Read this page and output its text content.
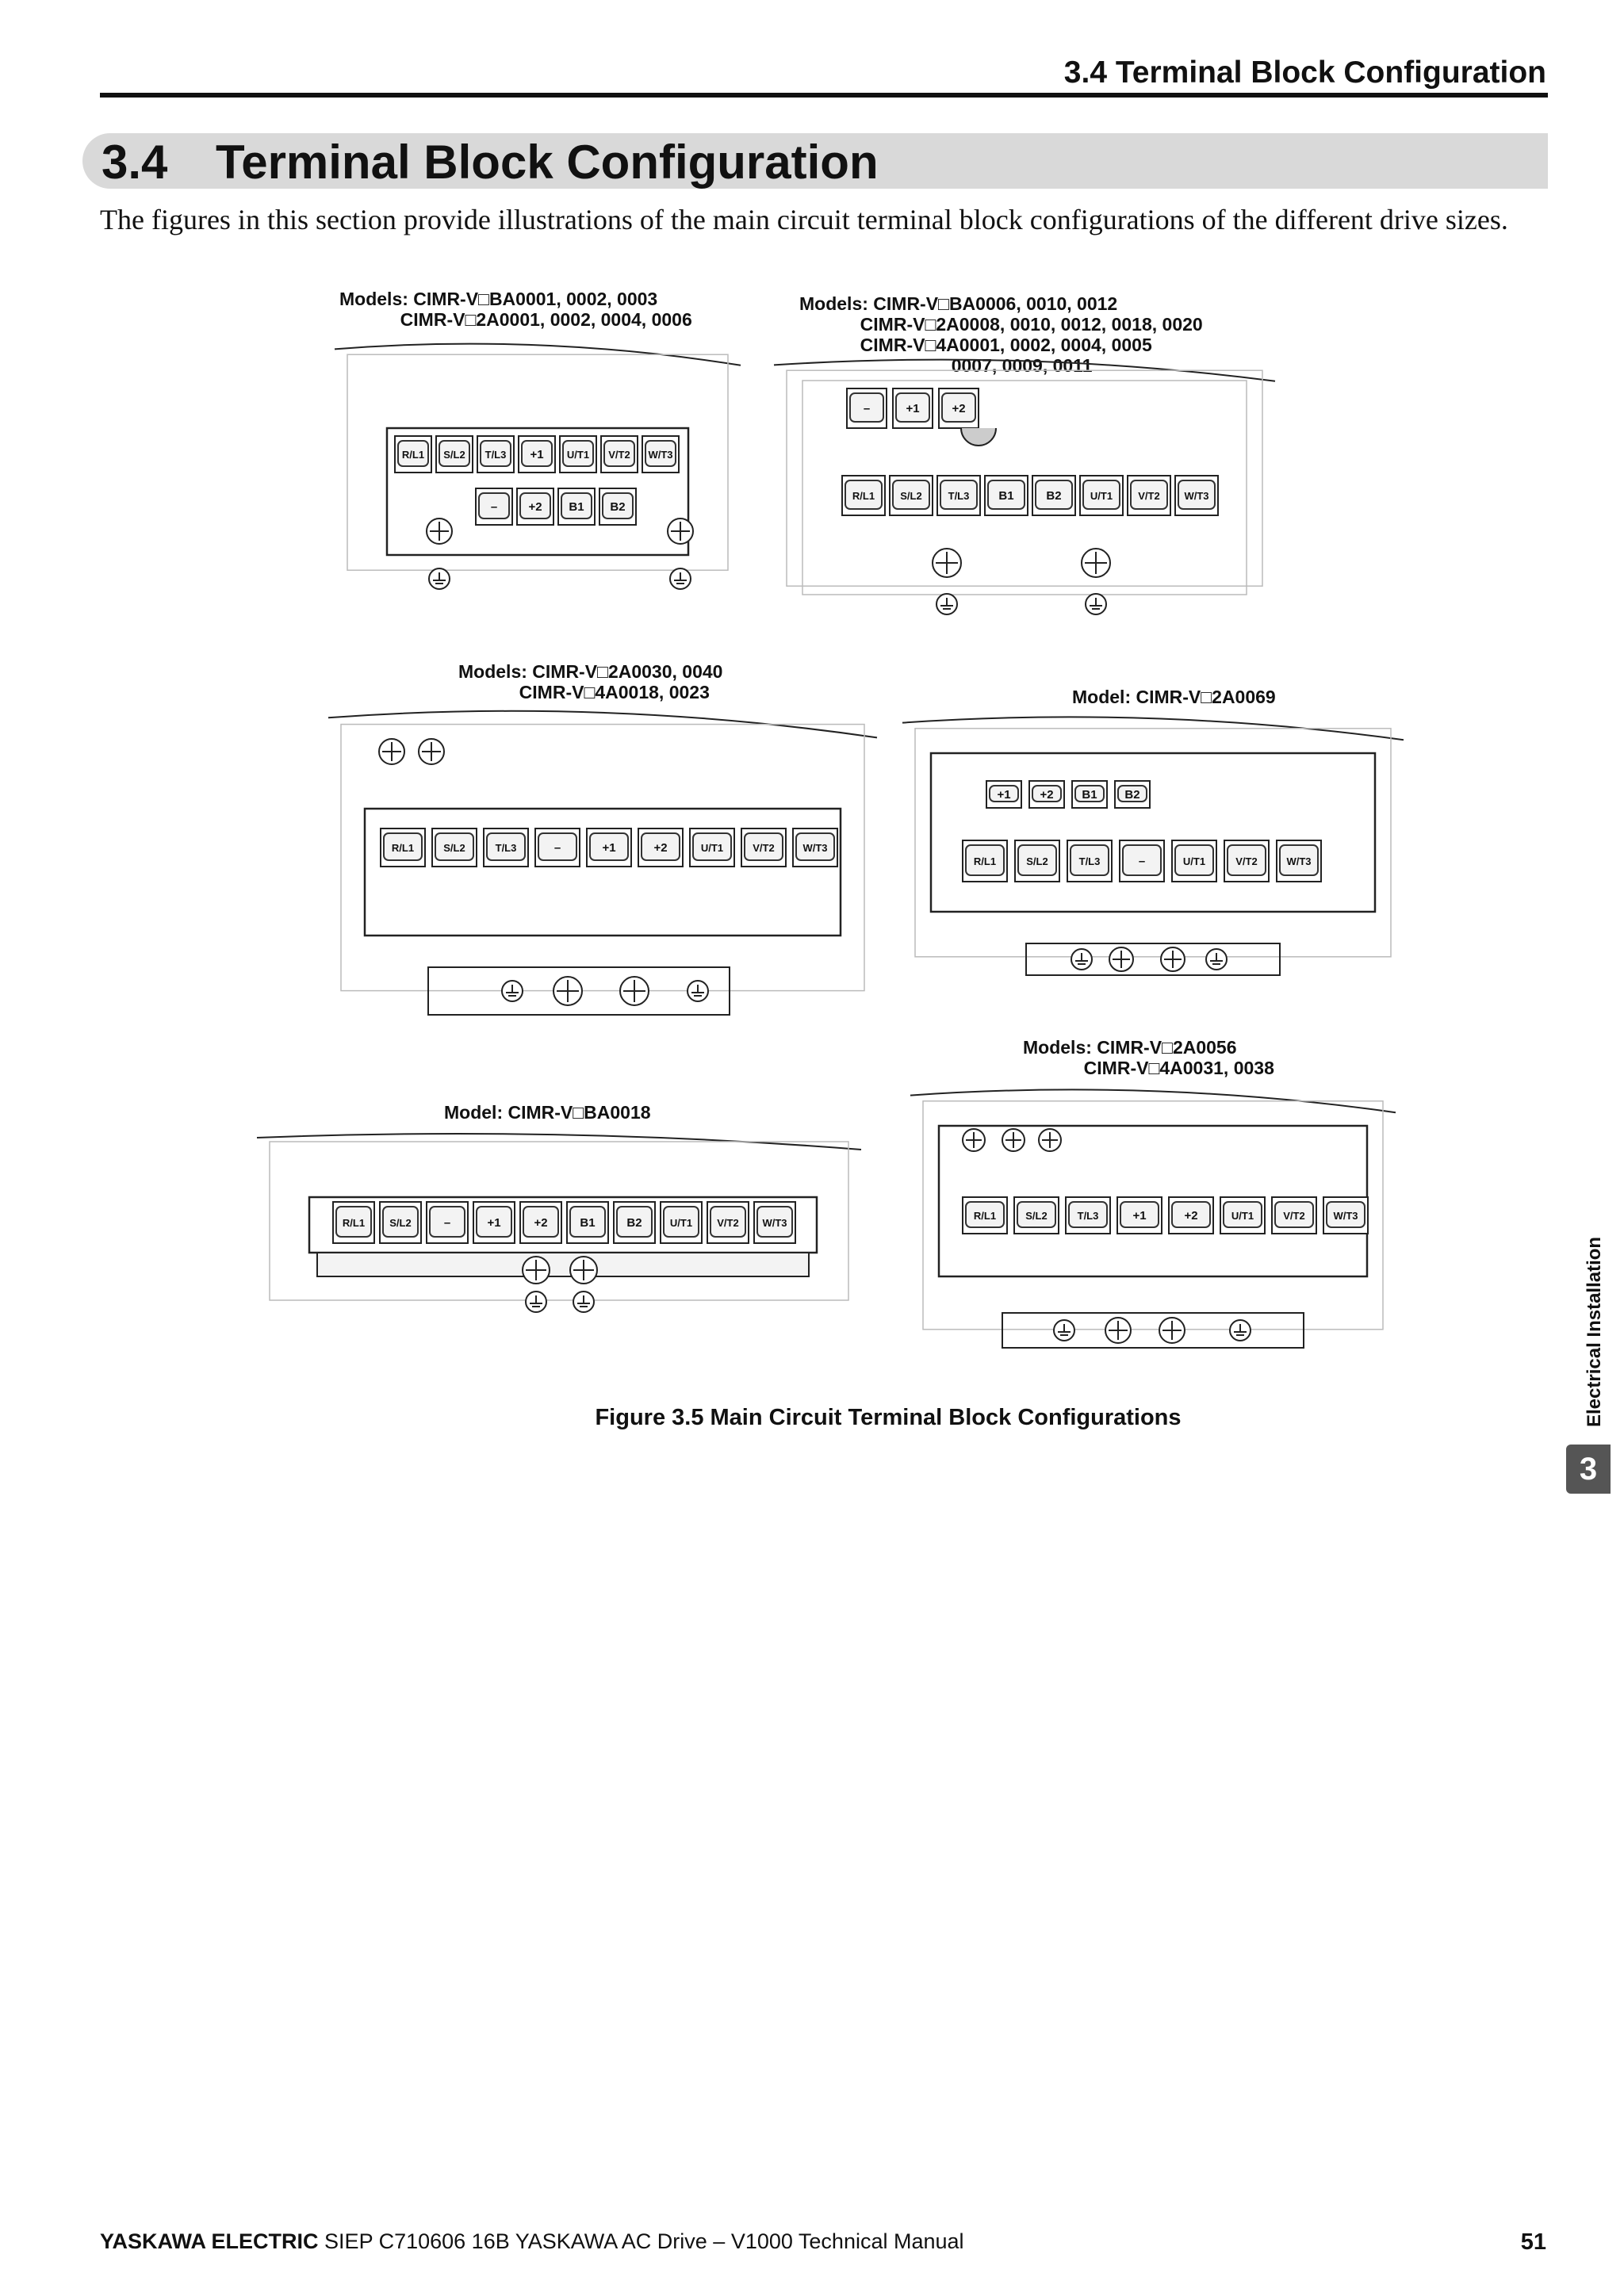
3.4 Terminal Block Configuration
3.4 Terminal Block Configuration
The figures in this section provide illustrations of the main circuit terminal block configurations of the different drive sizes.
Models: CIMR-V□BA0001, 0002, 0003
CIMR-V□2A0001, 0002, 0004, 0006
R/L1 S/L2 T/L3 +1 U/T1 V/T2 W/T3
–	+2 B1 B2
Models: CIMR-V□BA0006, 0010, 0012
CIMR-V□2A0008, 0010, 0012, 0018, 0020
CIMR-V□4A0001, 0002, 0004, 0005
0007, 0009, 0011
–	+1	+2
R/L1 S/L2	T/L3 B1	B2	U/T1 V/T2 W/T3
Models: CIMR-V□2A0030, 0040
CIMR-V□4A0018, 0023
R/L1	S/L2	T/L3	–	+1	+2	U/T1	V/T2	W/T3
Model: CIMR-V□2A0069
+1 +2 B1 B2
R/L1	S/L2	T/L3	–	U/T1	V/T2	W/T3
Model: CIMR-V□BA0018
R/L1 S/L2	–	+1	+2	B1	B2	U/T1 V/T2 W/T3
Models: CIMR-V□2A0056
CIMR-V□4A0031, 0038
R/L1	S/L2	T/L3	+1	+2	U/T1	V/T2	W/T3
Figure 3.5 Main Circuit Terminal Block Configurations	Electrical Installation
3
YASKAWA ELECTRIC SIEP C710606 16B YASKAWA AC Drive – V1000 Technical Manual	51
